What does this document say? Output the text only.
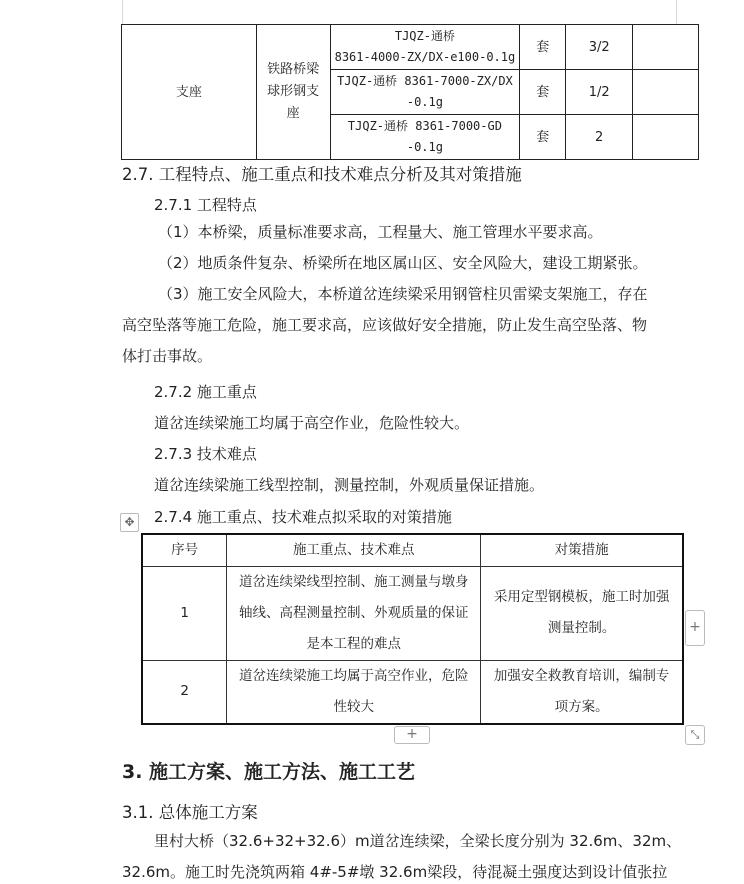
支座	铁路桥梁球形钢支座	TJQZ-通桥
8361-4000-ZX/DX-e100-0.1g	套	3/2	
		TJQZ-通桥 8361-7000-ZX/DX
-0.1g	套	1/2	
		TJQZ-通桥 8361-7000-GD
-0.1g	套	2	
2.7. 工程特点、施工重点和技术难点分析及其对策措施
2.7.1 工程特点
（1）本桥梁，质量标准要求高，工程量大、施工管理水平要求高。
（2）地质条件复杂、桥梁所在地区属山区、安全风险大，建设工期紧张。
（3）施工安全风险大，本桥道岔连续梁采用钢管柱贝雷梁支架施工，存在
高空坠落等施工危险，施工要求高，应该做好安全措施，防止发生高空坠落、物
体打击事故。
2.7.2 施工重点
道岔连续梁施工均属于高空作业，危险性较大。
2.7.3 技术难点
道岔连续梁施工线型控制，测量控制，外观质量保证措施。
2.7.4 施工重点、技术难点拟采取的对策措施
✥
序号	施工重点、技术难点	对策措施
1	道岔连续梁线型控制、施工测量与墩身
轴线、高程测量控制、外观质量的保证
是本工程的难点	采用定型钢模板，施工时加强
测量控制。
2	道岔连续梁施工均属于高空作业，危险
性较大	加强安全救教育培训，编制专
项方案。
+
+	⤡
3. 施工方案、施工方法、施工工艺
3.1. 总体施工方案
里村大桥（32.6+32+32.6）m道岔连续梁，全梁长度分别为 32.6m、32m、
32.6m。施工时先浇筑两箱 4#-5#墩 32.6m梁段，待混凝土强度达到设计值张拉
